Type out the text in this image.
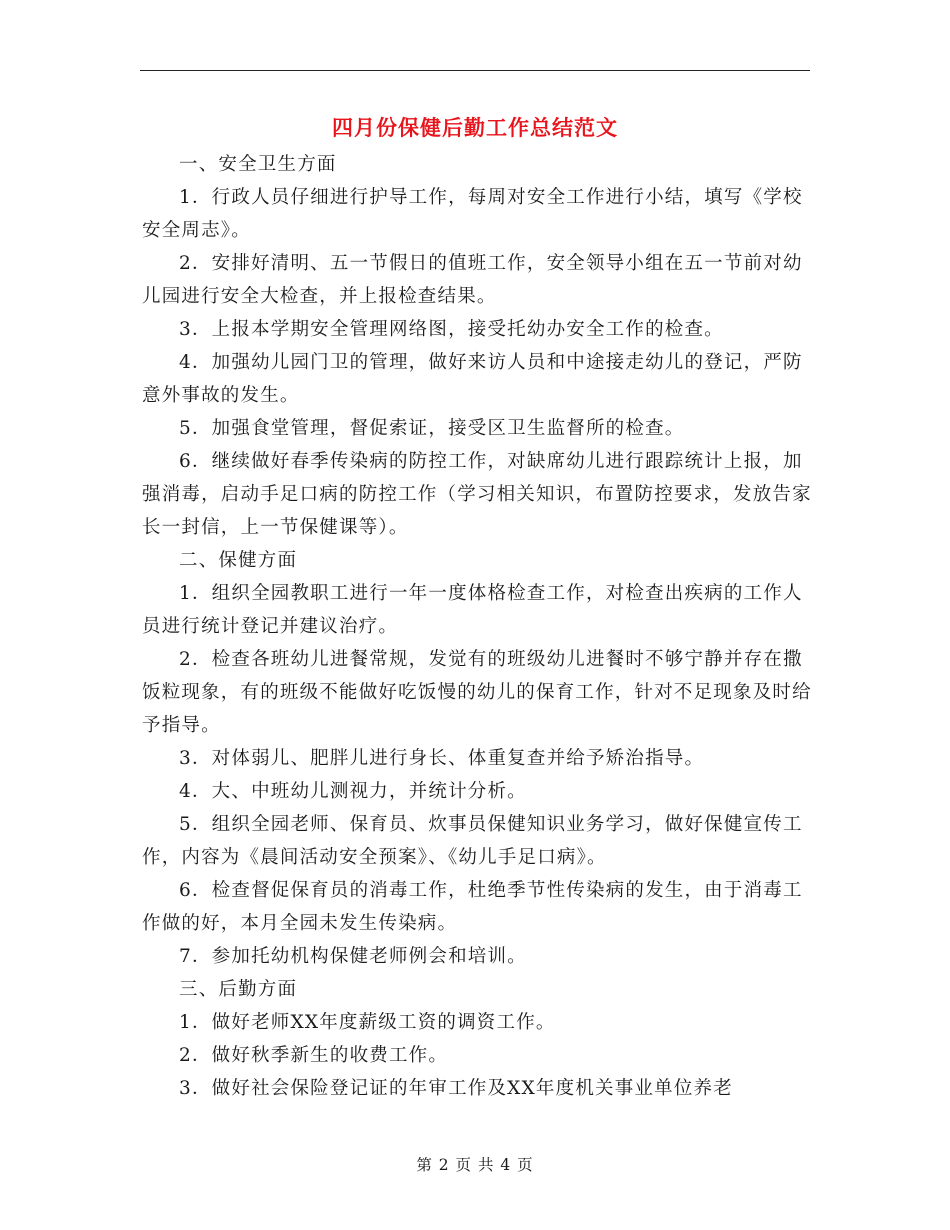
四月份保健后勤工作总结范文

一、安全卫生方面

1．行政人员仔细进行护导工作，每周对安全工作进行小结，填写《学校安全周志》。

2．安排好清明、五一节假日的值班工作，安全领导小组在五一节前对幼儿园进行安全大检查，并上报检查结果。

3．上报本学期安全管理网络图，接受托幼办安全工作的检查。

4．加强幼儿园门卫的管理，做好来访人员和中途接走幼儿的登记，严防意外事故的发生。

5．加强食堂管理，督促索证，接受区卫生监督所的检查。

6．继续做好春季传染病的防控工作，对缺席幼儿进行跟踪统计上报，加强消毒，启动手足口病的防控工作（学习相关知识，布置防控要求，发放告家长一封信，上一节保健课等）。

二、保健方面

1．组织全园教职工进行一年一度体格检查工作，对检查出疾病的工作人员进行统计登记并建议治疗。

2．检查各班幼儿进餐常规，发觉有的班级幼儿进餐时不够宁静并存在撒饭粒现象，有的班级不能做好吃饭慢的幼儿的保育工作，针对不足现象及时给予指导。

3．对体弱儿、肥胖儿进行身长、体重复查并给予矫治指导。

4．大、中班幼儿测视力，并统计分析。

5．组织全园老师、保育员、炊事员保健知识业务学习，做好保健宣传工作，内容为《晨间活动安全预案》、《幼儿手足口病》。

6．检查督促保育员的消毒工作，杜绝季节性传染病的发生，由于消毒工作做的好，本月全园未发生传染病。

7．参加托幼机构保健老师例会和培训。

三、后勤方面

1．做好老师XX年度薪级工资的调资工作。

2．做好秋季新生的收费工作。

3．做好社会保险登记证的年审工作及XX年度机关事业单位养老

第 2 页 共 4 页
